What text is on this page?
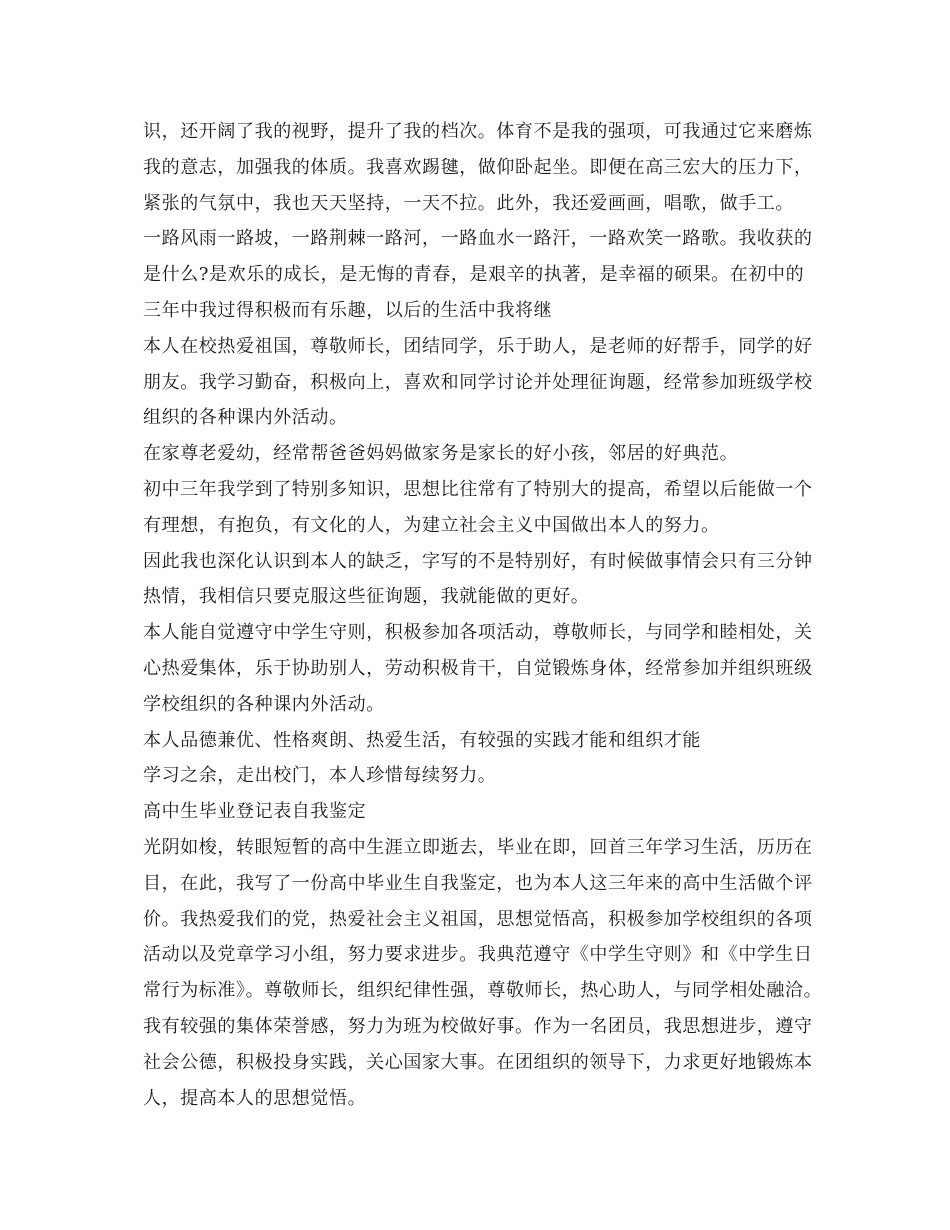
识，还开阔了我的视野，提升了我的档次。体育不是我的强项，可我通过它来磨炼
我的意志，加强我的体质。我喜欢踢毽，做仰卧起坐。即便在高三宏大的压力下，
紧张的气氛中，我也天天坚持，一天不拉。此外，我还爱画画，唱歌，做手工。
一路风雨一路坡，一路荆棘一路河，一路血水一路汗，一路欢笑一路歌。我收获的
是什么?是欢乐的成长，是无悔的青春，是艰辛的执著，是幸福的硕果。在初中的
三年中我过得积极而有乐趣，以后的生活中我将继
本人在校热爱祖国，尊敬师长，团结同学，乐于助人，是老师的好帮手，同学的好
朋友。我学习勤奋，积极向上，喜欢和同学讨论并处理征询题，经常参加班级学校
组织的各种课内外活动。
在家尊老爱幼，经常帮爸爸妈妈做家务是家长的好小孩，邻居的好典范。
初中三年我学到了特别多知识，思想比往常有了特别大的提高，希望以后能做一个
有理想，有抱负，有文化的人，为建立社会主义中国做出本人的努力。
因此我也深化认识到本人的缺乏，字写的不是特别好，有时候做事情会只有三分钟
热情，我相信只要克服这些征询题，我就能做的更好。
本人能自觉遵守中学生守则，积极参加各项活动，尊敬师长，与同学和睦相处，关
心热爱集体，乐于协助别人，劳动积极肯干，自觉锻炼身体，经常参加并组织班级
学校组织的各种课内外活动。
本人品德兼优、性格爽朗、热爱生活，有较强的实践才能和组织才能
学习之余，走出校门，本人珍惜每续努力。
高中生毕业登记表自我鉴定
光阴如梭，转眼短暂的高中生涯立即逝去，毕业在即，回首三年学习生活，历历在
目，在此，我写了一份高中毕业生自我鉴定，也为本人这三年来的高中生活做个评
价。我热爱我们的党，热爱社会主义祖国，思想觉悟高，积极参加学校组织的各项
活动以及党章学习小组，努力要求进步。我典范遵守《中学生守则》和《中学生日
常行为标准》。尊敬师长，组织纪律性强，尊敬师长，热心助人，与同学相处融洽。
我有较强的集体荣誉感，努力为班为校做好事。作为一名团员，我思想进步，遵守
社会公德，积极投身实践，关心国家大事。在团组织的领导下，力求更好地锻炼本
人，提高本人的思想觉悟。
